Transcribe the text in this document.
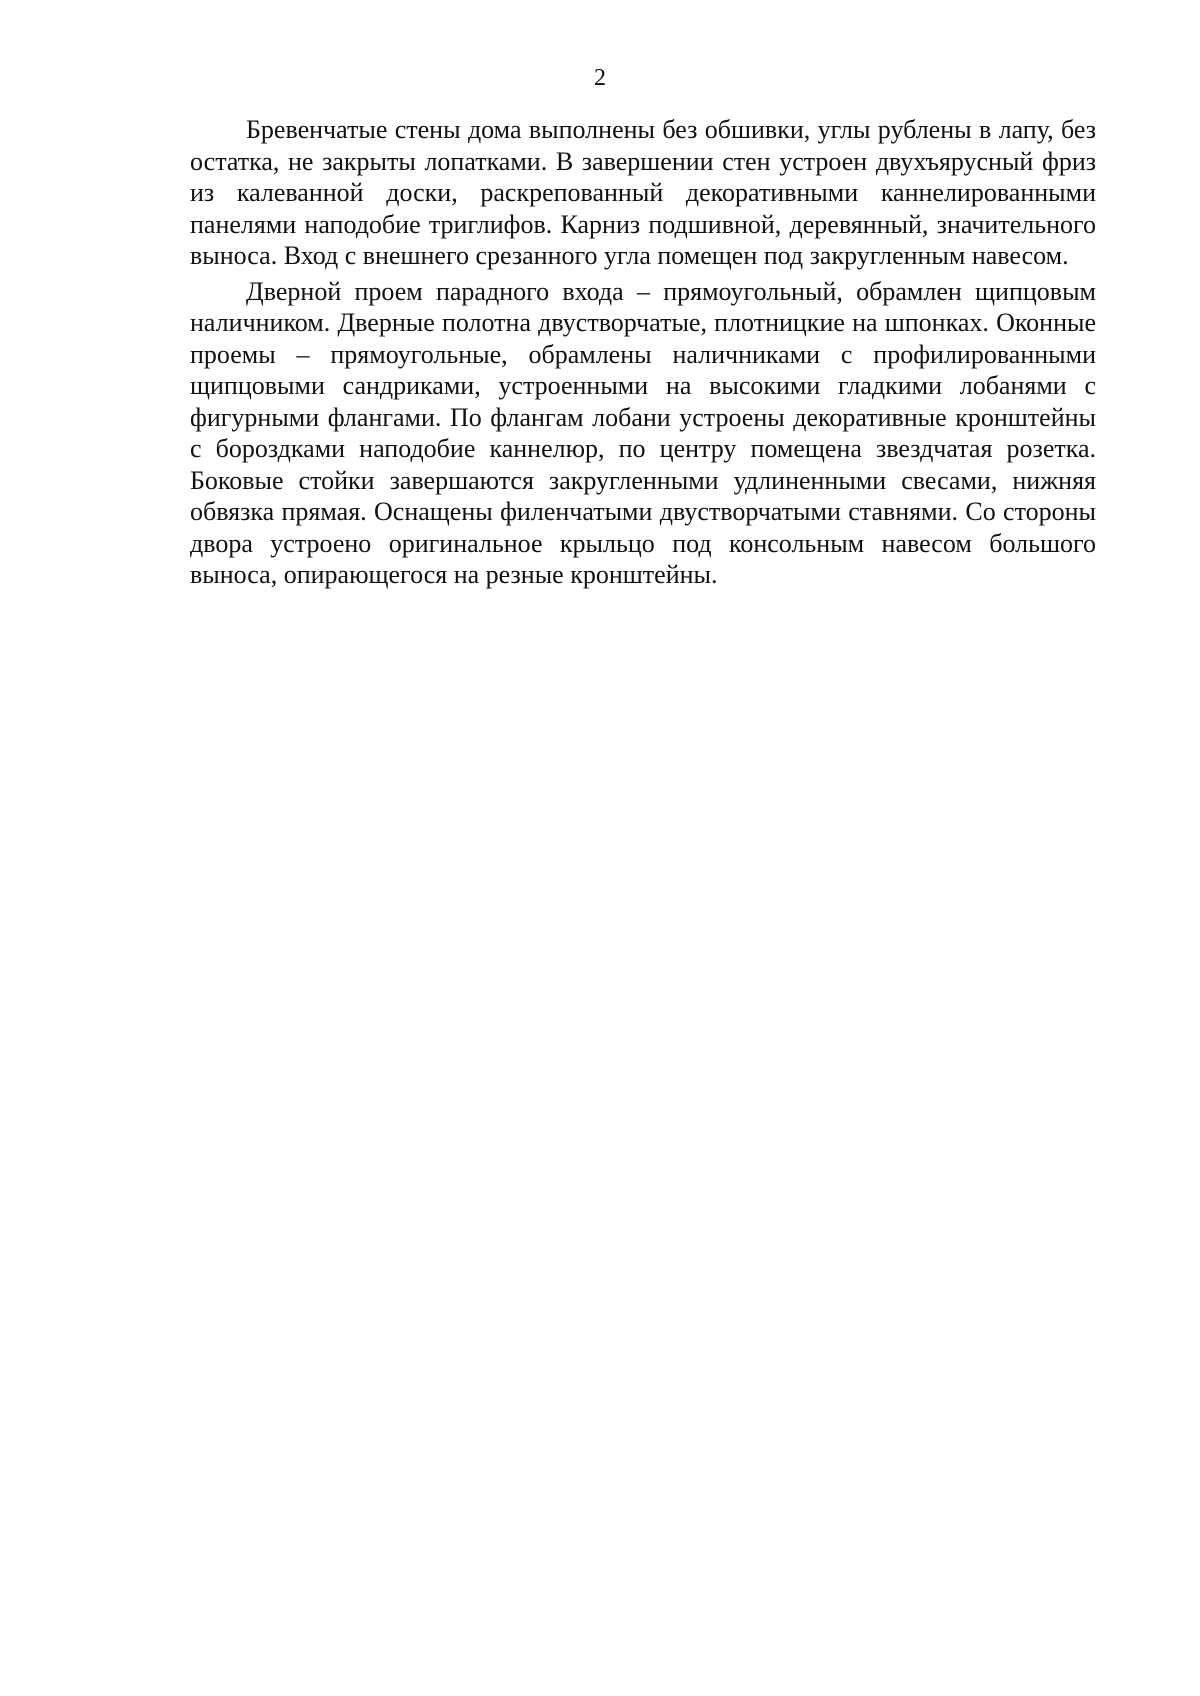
2

Бревенчатые стены дома выполнены без обшивки, углы рублены в лапу, без остатка, не закрыты лопатками. В завершении стен устроен двухъярусный фриз из калеванной доски, раскрепованный декоративными каннелированными панелями наподобие триглифов. Карниз подшивной, деревянный, значительного выноса. Вход с внешнего срезанного угла помещен под закругленным навесом.

Дверной проем парадного входа – прямоугольный, обрамлен щипцовым наличником. Дверные полотна двустворчатые, плотницкие на шпонках. Оконные проемы – прямоугольные, обрамлены наличниками с профилированными щипцовыми сандриками, устроенными на высокими гладкими лобанями с фигурными флангами. По флангам лобани устроены декоративные кронштейны с бороздками наподобие каннелюр, по центру помещена звездчатая розетка. Боковые стойки завершаются закругленными удлиненными свесами, нижняя обвязка прямая. Оснащены филенчатыми двустворчатыми ставнями. Со стороны двора устроено оригинальное крыльцо под консольным навесом большого выноса, опирающегося на резные кронштейны.
